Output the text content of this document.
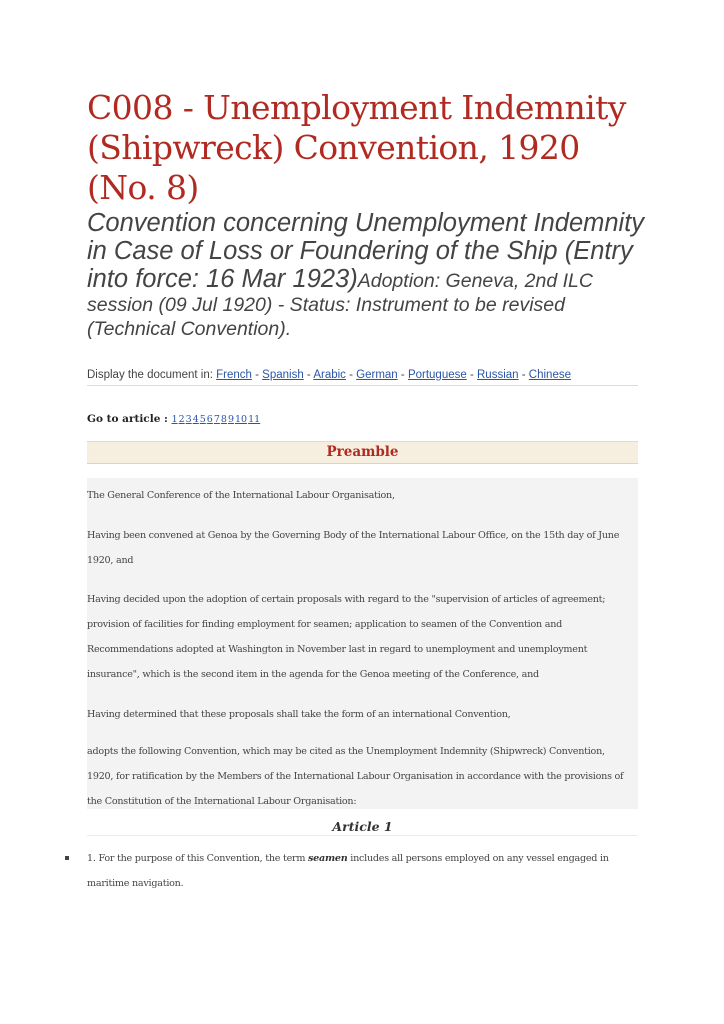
C008 - Unemployment Indemnity (Shipwreck) Convention, 1920 (No. 8)
Convention concerning Unemployment Indemnity in Case of Loss or Foundering of the Ship (Entry into force: 16 Mar 1923)Adoption: Geneva, 2nd ILC session (09 Jul 1920) - Status: Instrument to be revised (Technical Convention).
Display the document in: French - Spanish - Arabic - German - Portuguese - Russian - Chinese
Go to article : 1234567891011
Preamble

The General Conference of the International Labour Organisation,

Having been convened at Genoa by the Governing Body of the International Labour Office, on the 15th day of June 1920, and

Having decided upon the adoption of certain proposals with regard to the "supervision of articles of agreement; provision of facilities for finding employment for seamen; application to seamen of the Convention and Recommendations adopted at Washington in November last in regard to unemployment and unemployment insurance", which is the second item in the agenda for the Genoa meeting of the Conference, and

Having determined that these proposals shall take the form of an international Convention,

adopts the following Convention, which may be cited as the Unemployment Indemnity (Shipwreck) Convention, 1920, for ratification by the Members of the International Labour Organisation in accordance with the provisions of the Constitution of the International Labour Organisation:

Article 1
1. For the purpose of this Convention, the term seamen includes all persons employed on any vessel engaged in maritime navigation.
